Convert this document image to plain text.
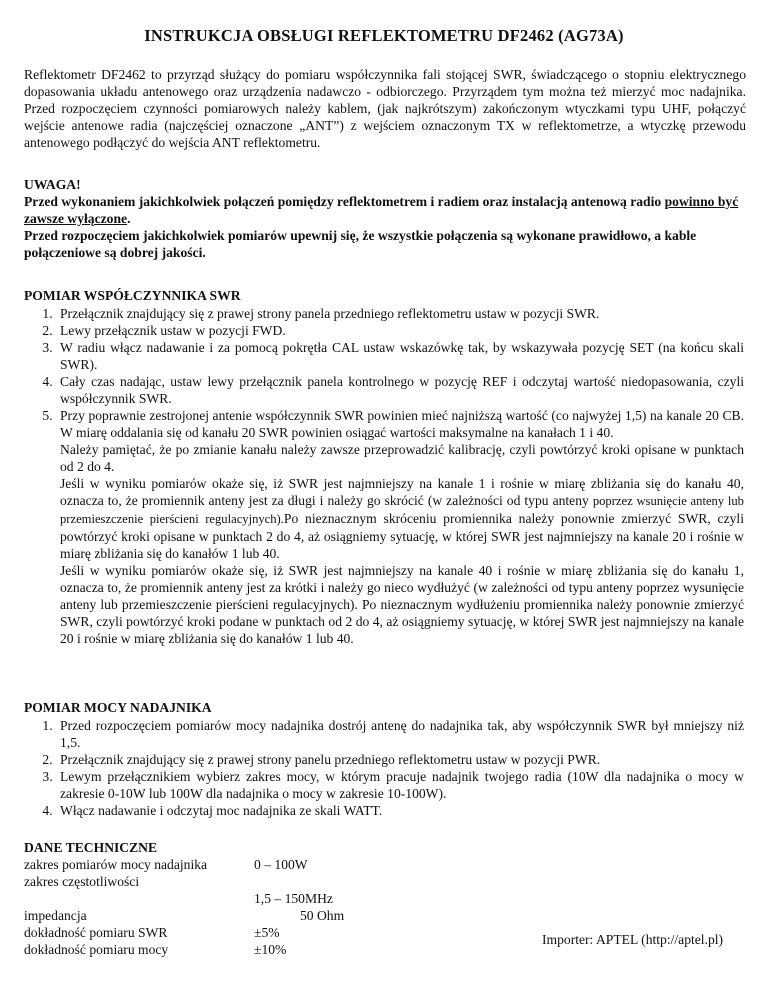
INSTRUKCJA OBSŁUGI REFLEKTOMETRU DF2462 (AG73A)
Reflektometr DF2462 to przyrząd służący do pomiaru współczynnika fali stojącej SWR, świadczącego o stopniu elektrycznego dopasowania układu antenowego oraz urządzenia nadawczo - odbiorczego. Przyrządem tym można też mierzyć moc nadajnika. Przed rozpoczęciem czynności pomiarowych należy kablem, (jak najkrótszym) zakończonym wtyczkami typu UHF, połączyć wejście antenowe radia (najczęściej oznaczone „ANT”) z wejściem oznaczonym TX w reflektometrze, a wtyczkę przewodu antenowego podłączyć do wejścia ANT reflektometru.
UWAGA!
Przed wykonaniem jakichkolwiek połączeń pomiędzy reflektometrem i radiem oraz instalacją antenową radio powinno być zawsze wyłączone.
Przed rozpoczęciem jakichkolwiek pomiarów upewnij się, że wszystkie połączenia są wykonane prawidłowo, a kable połączeniowe są dobrej jakości.
POMIAR WSPÓŁCZYNNIKA SWR
1. Przełącznik znajdujący się z prawej strony panela przedniego reflektometru ustaw w pozycji SWR.
2. Lewy przełącznik ustaw w pozycji FWD.
3. W radiu włącz nadawanie i za pomocą pokrętła CAL ustaw wskazówkę tak, by wskazywała pozycję SET (na końcu skali SWR).
4. Cały czas nadając, ustaw lewy przełącznik panela kontrolnego w pozycję REF i odczytaj wartość niedopasowania, czyli współczynnik SWR.

5. Przy poprawnie zestrojonej antenie współczynnik SWR powinien mieć najniższą wartość (co najwyżej 1,5) na kanale 20 CB. W miarę oddalania się od kanału 20 SWR powinien osiągać wartości maksymalne na kanałach 1 i 40.

Należy pamiętać, że po zmianie kanału należy zawsze przeprowadzić kalibrację, czyli powtórzyć kroki opisane w punktach od 2 do 4.

Jeśli w wyniku pomiarów okaże się, iż SWR jest najmniejszy na kanale 1 i rośnie w miarę zbliżania się do kanału 40, oznacza to, że promiennik anteny jest za długi i należy go skrócić (w zależności od typu anteny poprzez wsunięcie anteny lub przemieszczenie pierścieni regulacyjnych).Po nieznacznym skróceniu promiennika należy ponownie zmierzyć SWR, czyli powtórzyć kroki opisane w punktach 2 do 4, aż osiągniemy sytuację, w której SWR jest najmniejszy na kanale 20 i rośnie w miarę zbliżania się do kanałów 1 lub 40.

Jeśli w wyniku pomiarów okaże się, iż SWR jest najmniejszy na kanale 40 i rośnie w miarę zbliżania się do kanału 1, oznacza to, że promiennik anteny jest za krótki i należy go nieco wydłużyć (w zależności od typu anteny poprzez wysunięcie anteny lub przemieszczenie pierścieni regulacyjnych). Po nieznacznym wydłużeniu promiennika należy ponownie zmierzyć SWR, czyli powtórzyć kroki podane w punktach od 2 do 4, aż osiągniemy sytuację, w której SWR jest najmniejszy na kanale 20 i rośnie w miarę zbliżania się do kanałów 1 lub 40.

POMIAR MOCY NADAJNIKA
1. Przed rozpoczęciem pomiarów mocy nadajnika dostrój antenę do nadajnika tak, aby współczynnik SWR był mniejszy niż 1,5.
2. Przełącznik znajdujący się z prawej strony panelu przedniego reflektometru ustaw w pozycji PWR.
3. Lewym przełącznikiem wybierz zakres mocy, w którym pracuje nadajnik twojego radia (10W dla nadajnika o mocy w zakresie 0-10W lub 100W dla nadajnika o mocy w zakresie 10-100W).
4. Włącz nadawanie i odczytaj moc nadajnika ze skali WATT.
DANE TECHNICZNE
zakres pomiarów mocy nadajnika	0 – 100W
zakres częstotliwości
1,5 – 150MHz
impedancja	50 Ohm
dokładność pomiaru SWR	±5%
dokładność pomiaru mocy	±10%
Importer: APTEL (http://aptel.pl)
